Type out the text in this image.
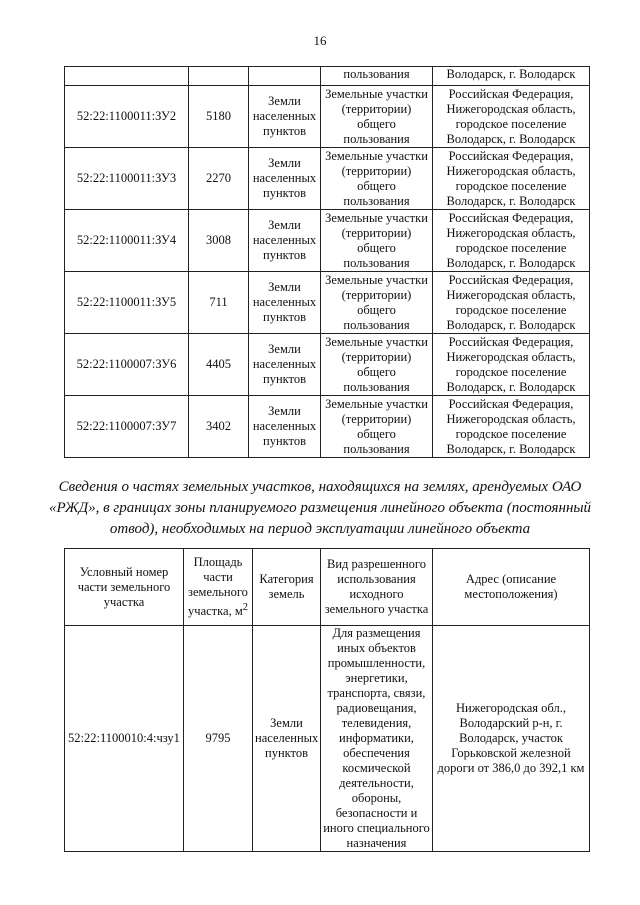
16
			пользования	Володарск, г. Володарск
52:22:1100011:ЗУ2	5180	Земли населенных пунктов	Земельные участки (территории) общего пользования	Российская Федерация, Нижегородская область, городское поселение Володарск, г. Володарск
52:22:1100011:ЗУ3	2270	Земли населенных пунктов	Земельные участки (территории) общего пользования	Российская Федерация, Нижегородская область, городское поселение Володарск, г. Володарск
52:22:1100011:ЗУ4	3008	Земли населенных пунктов	Земельные участки (территории) общего пользования	Российская Федерация, Нижегородская область, городское поселение Володарск, г. Володарск
52:22:1100011:ЗУ5	711	Земли населенных пунктов	Земельные участки (территории) общего пользования	Российская Федерация, Нижегородская область, городское поселение Володарск, г. Володарск
52:22:1100007:ЗУ6	4405	Земли населенных пунктов	Земельные участки (территории) общего пользования	Российская Федерация, Нижегородская область, городское поселение Володарск, г. Володарск
52:22:1100007:ЗУ7	3402	Земли населенных пунктов	Земельные участки (территории) общего пользования	Российская Федерация, Нижегородская область, городское поселение Володарск, г. Володарск
Сведения о частях земельных участков, находящихся на землях, арендуемых ОАО «РЖД», в границах зоны планируемого размещения линейного объекта (постоянный отвод), необходимых на период эксплуатации линейного объекта
Условный номер части земельного участка	Площадь части земельного участка, $м^2$	Категория земель	Вид разрешенного использования исходного земельного участка	Адрес (описание местоположения)
52:22:1100010:4:чзу1	9795	Земли населенных пунктов	Для размещения иных объектов промышленности, энергетики, транспорта, связи, радиовещания, телевидения, информатики, обеспечения космической деятельности, обороны, безопасности и иного специального назначения	Нижегородская обл., Володарский р-н, г. Володарск, участок Горьковской железной дороги от 386,0 до 392,1 км
